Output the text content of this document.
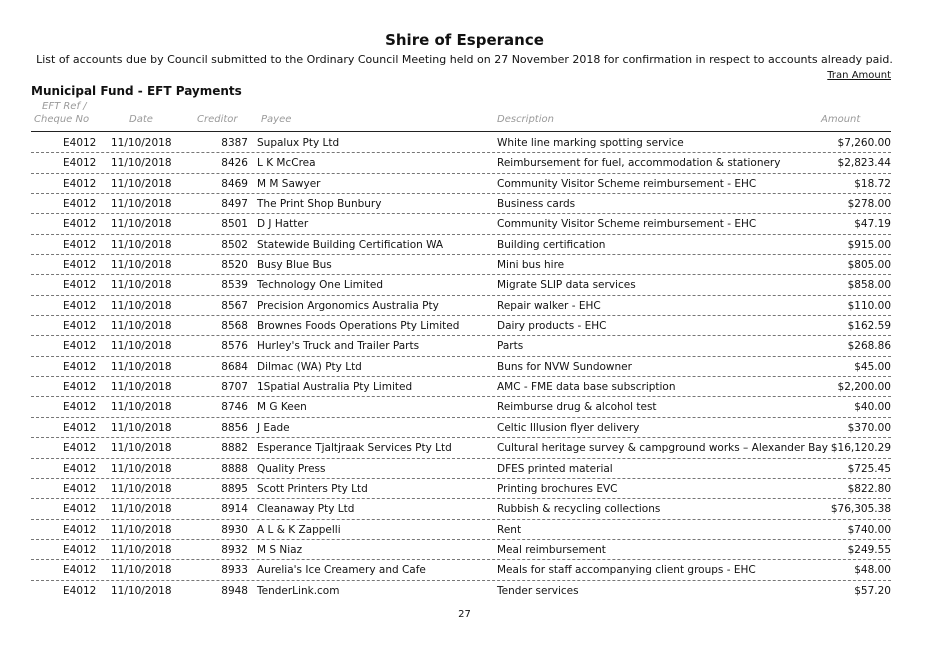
Shire of Esperance
List of accounts due by Council submitted to the Ordinary Council Meeting held on 27 November 2018 for confirmation in respect to accounts already paid.
Tran Amount
Municipal Fund - EFT Payments
EFT Ref /
Cheque No	Date	Creditor Payee	Description	Amount
E4012 11/10/2018	8387 Supalux Pty Ltd	White line marking spotting service	$7,260.00
E4012 11/10/2018	8426 L K McCrea	Reimbursement for fuel, accommodation & stationery	$2,823.44
E4012 11/10/2018	8469 M M Sawyer	Community Visitor Scheme reimbursement - EHC	$18.72
E4012 11/10/2018	8497 The Print Shop Bunbury	Business cards	$278.00
E4012 11/10/2018	8501 D J Hatter	Community Visitor Scheme reimbursement - EHC	$47.19
E4012 11/10/2018	8502 Statewide Building Certification WA	Building certification	$915.00
E4012 11/10/2018	8520 Busy Blue Bus	Mini bus hire	$805.00
E4012 11/10/2018	8539 Technology One Limited	Migrate SLIP data services	$858.00
E4012 11/10/2018	8567 Precision Argonomics Australia Pty	Repair walker - EHC	$110.00
E4012 11/10/2018	8568 Brownes Foods Operations Pty Limited	Dairy products - EHC	$162.59
E4012 11/10/2018	8576 Hurley's Truck and Trailer Parts	Parts	$268.86
E4012 11/10/2018	8684 Dilmac (WA) Pty Ltd	Buns for NVW Sundowner	$45.00
E4012 11/10/2018	8707 1Spatial Australia Pty Limited	AMC - FME data base subscription	$2,200.00
E4012 11/10/2018	8746 M G Keen	Reimburse drug & alcohol test	$40.00
E4012 11/10/2018	8856 J Eade	Celtic Illusion flyer delivery	$370.00
E4012 11/10/2018	8882 Esperance Tjaltjraak Services Pty Ltd	Cultural heritage survey & campground works – Alexander Bay $16,120.29
E4012 11/10/2018	8888 Quality Press	DFES printed material	$725.45
E4012 11/10/2018	8895 Scott Printers Pty Ltd	Printing brochures EVC	$822.80
E4012 11/10/2018	8914 Cleanaway Pty Ltd	Rubbish & recycling collections	$76,305.38
E4012 11/10/2018	8930 A L & K Zappelli	Rent	$740.00
E4012 11/10/2018	8932 M S Niaz	Meal reimbursement	$249.55
E4012 11/10/2018	8933 Aurelia's Ice Creamery and Cafe	Meals for staff accompanying client groups - EHC	$48.00
E4012 11/10/2018	8948 TenderLink.com	Tender services	$57.20
27
